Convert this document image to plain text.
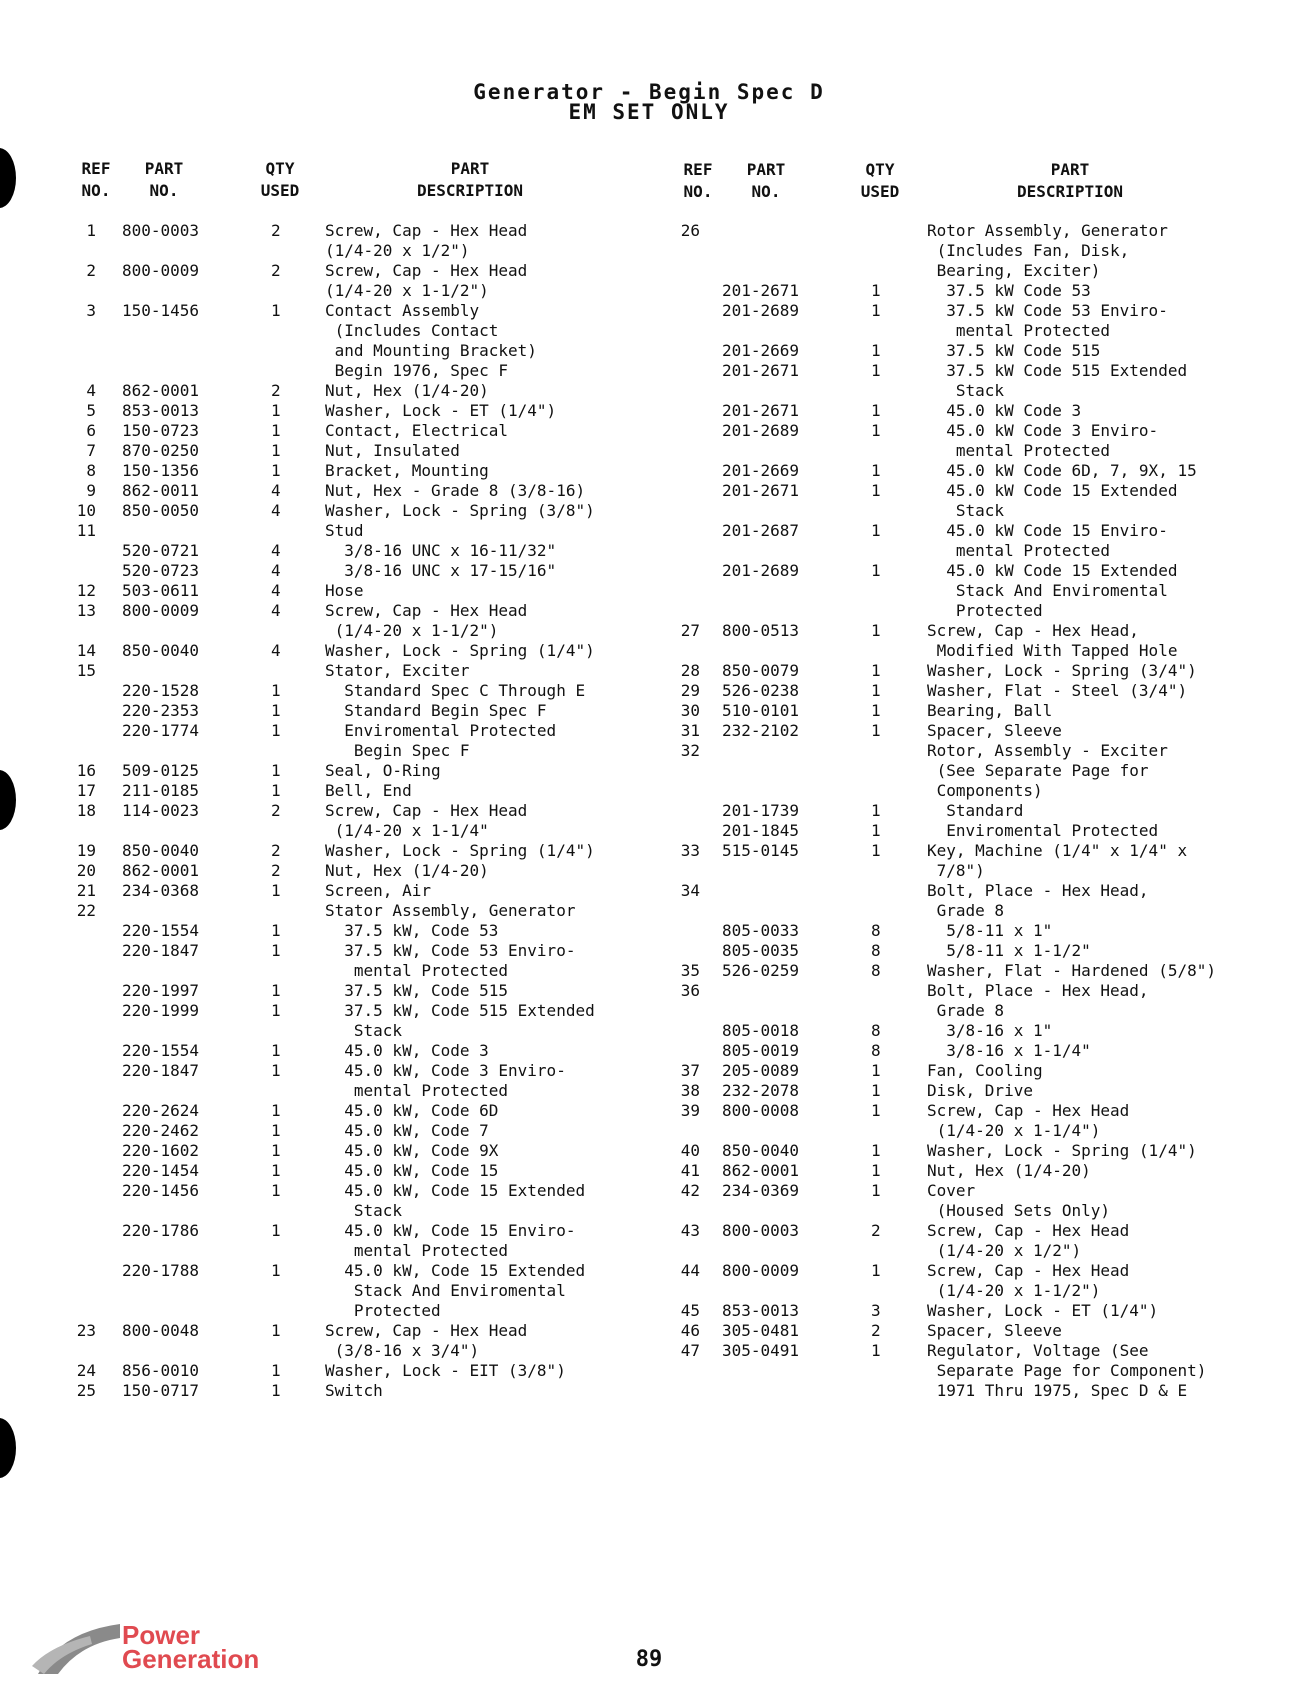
Generator - Begin Spec D
EM SET ONLY
REF
NO.
PART
NO.
QTY
USED
PART
DESCRIPTION
REF
NO.
PART
NO.
QTY
USED
PART
DESCRIPTION
1 800-0003	2	Screw, Cap - Hex Head
(1/4-20 x 1/2")
2 800-0009	2	Screw, Cap - Hex Head
(1/4-20 x 1-1/2")
3 150-1456	1	Contact Assembly
(Includes Contact
and Mounting Bracket)
Begin 1976, Spec F
4 862-0001	2	Nut, Hex (1/4-20)
5 853-0013	1	Washer, Lock - ET (1/4")
6 150-0723	1	Contact, Electrical
7 870-0250	1	Nut, Insulated
8 150-1356	1	Bracket, Mounting
9 862-0011	4	Nut, Hex - Grade 8 (3/8-16)
10 850-0050	4	Washer, Lock - Spring (3/8")
11	Stud
520-0721	4	3/8-16 UNC x 16-11/32"
520-0723	4	3/8-16 UNC x 17-15/16"
12 503-0611	4	Hose
13 800-0009	4	Screw, Cap - Hex Head
(1/4-20 x 1-1/2")
14 850-0040	4	Washer, Lock - Spring (1/4")
15	Stator, Exciter
220-1528	1	Standard Spec C Through E
220-2353	1	Standard Begin Spec F
220-1774	1	Enviromental Protected
Begin Spec F
16 509-0125	1	Seal, O-Ring
17 211-0185	1	Bell, End
18 114-0023	2	Screw, Cap - Hex Head
(1/4-20 x 1-1/4"
19 850-0040	2	Washer, Lock - Spring (1/4")
20 862-0001	2	Nut, Hex (1/4-20)
21 234-0368	1	Screen, Air
22	Stator Assembly, Generator
220-1554	1	37.5 kW, Code 53
220-1847	1	37.5 kW, Code 53 Enviro-
mental Protected
220-1997	1	37.5 kW, Code 515
220-1999	1	37.5 kW, Code 515 Extended
Stack
220-1554	1	45.0 kW, Code 3
220-1847	1	45.0 kW, Code 3 Enviro-
mental Protected
220-2624	1	45.0 kW, Code 6D
220-2462	1	45.0 kW, Code 7
220-1602	1	45.0 kW, Code 9X
220-1454	1	45.0 kW, Code 15
220-1456	1	45.0 kW, Code 15 Extended
Stack
220-1786	1	45.0 kW, Code 15 Enviro-
mental Protected
220-1788	1	45.0 kW, Code 15 Extended
Stack And Enviromental
Protected
23 800-0048	1	Screw, Cap - Hex Head
(3/8-16 x 3/4")
24 856-0010	1	Washer, Lock - EIT (3/8")
25 150-0717	1	Switch
26	Rotor Assembly, Generator
(Includes Fan, Disk,
Bearing, Exciter)
201-2671	1	37.5 kW Code 53
201-2689	1	37.5 kW Code 53 Enviro-
mental Protected
201-2669	1	37.5 kW Code 515
201-2671	1	37.5 kW Code 515 Extended
Stack
201-2671	1	45.0 kW Code 3
201-2689	1	45.0 kW Code 3 Enviro-
mental Protected
201-2669	1	45.0 kW Code 6D, 7, 9X, 15
201-2671	1	45.0 kW Code 15 Extended
Stack
201-2687	1	45.0 kW Code 15 Enviro-
mental Protected
201-2689	1	45.0 kW Code 15 Extended
Stack And Enviromental
Protected
27 800-0513	1	Screw, Cap - Hex Head,
Modified With Tapped Hole
28 850-0079	1	Washer, Lock - Spring (3/4")
29 526-0238	1	Washer, Flat - Steel (3/4")
30 510-0101	1	Bearing, Ball
31 232-2102	1	Spacer, Sleeve
32	Rotor, Assembly - Exciter
(See Separate Page for
Components)
201-1739	1	Standard
201-1845	1	Enviromental Protected
33 515-0145	1	Key, Machine (1/4" x 1/4" x
7/8")
34	Bolt, Place - Hex Head,
Grade 8
805-0033	8	5/8-11 x 1"
805-0035	8	5/8-11 x 1-1/2"
35 526-0259	8	Washer, Flat - Hardened (5/8")
36	Bolt, Place - Hex Head,
Grade 8
805-0018	8	3/8-16 x 1"
805-0019	8	3/8-16 x 1-1/4"
37 205-0089	1	Fan, Cooling
38 232-2078	1	Disk, Drive
39 800-0008	1	Screw, Cap - Hex Head
(1/4-20 x 1-1/4")
40 850-0040	1	Washer, Lock - Spring (1/4")
41 862-0001	1	Nut, Hex (1/4-20)
42 234-0369	1	Cover
(Housed Sets Only)
43 800-0003	2	Screw, Cap - Hex Head
(1/4-20 x 1/2")
44 800-0009	1	Screw, Cap - Hex Head
(1/4-20 x 1-1/2")
45 853-0013	3	Washer, Lock - ET (1/4")
46 305-0481	2	Spacer, Sleeve
47 305-0491	1	Regulator, Voltage (See
Separate Page for Component)
1971 Thru 1975, Spec D & E
Power
Generation	89
